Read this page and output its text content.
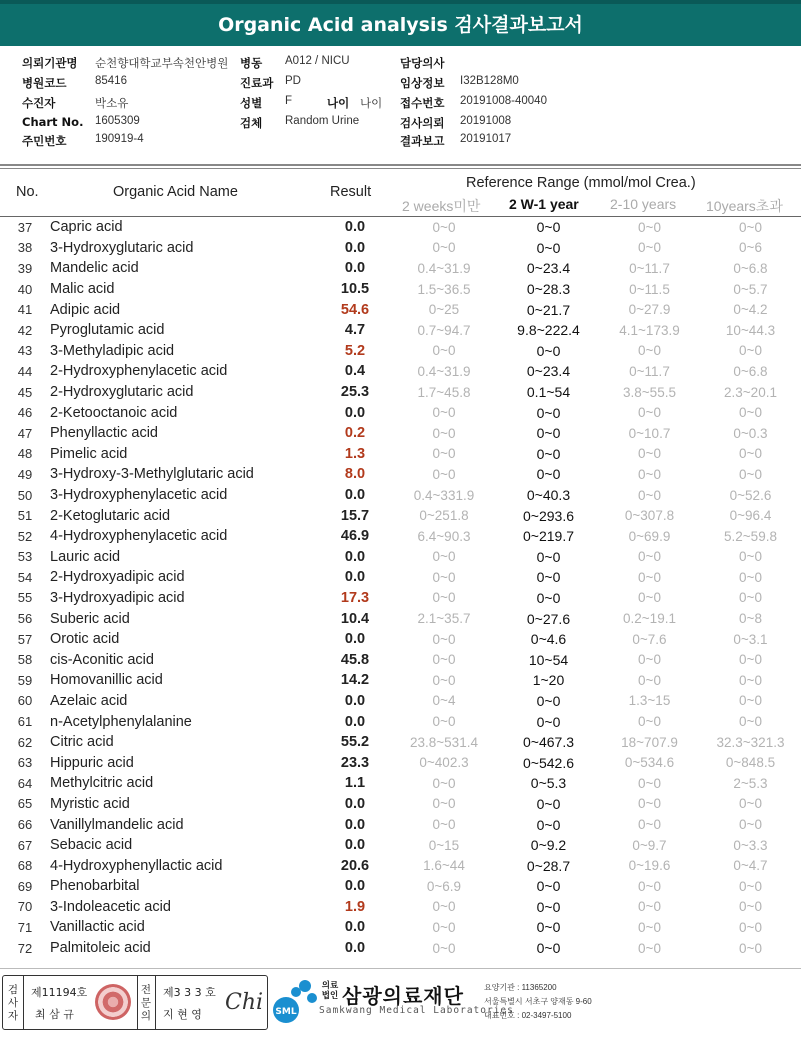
Organic Acid analysis 검사결과보고서
의뢰기관명 순천향대학교부속천안병원 병동 A012 / NICU	담당의사
병원코드 85416	진료과 PD	임상정보 I32B128M0
수진자	박소유	성별 F	나이 나이 접수번호 20191008-40040
Chart No. 1605309	검체 Random Urine	검사의뢰 20191008
주민번호 190919-4	결과보고 20191017
No.	Organic Acid Name	Result
Reference Range (mmol/mol Crea.)
2 weeks미만 2 W-1 year 2-10 years 10years초과
37	Capric acid	0.0	0~0	0~0	0~0	0~0
38	3-Hydroxyglutaric acid	0.0	0~0	0~0	0~0	0~6
39	Mandelic acid	0.0	0.4~31.9	0~23.4	0~11.7	0~6.8
40	Malic acid	10.5	1.5~36.5	0~28.3	0~11.5	0~5.7
41	Adipic acid	54.6	0~25	0~21.7	0~27.9	0~4.2
42	Pyroglutamic acid	4.7	0.7~94.7	9.8~222.4	4.1~173.9	10~44.3
43	3-Methyladipic acid	5.2	0~0	0~0	0~0	0~0
44	2-Hydroxyphenylacetic acid	0.4	0.4~31.9	0~23.4	0~11.7	0~6.8
45	2-Hydroxyglutaric acid	25.3	1.7~45.8	0.1~54	3.8~55.5	2.3~20.1
46	2-Ketooctanoic acid	0.0	0~0	0~0	0~0	0~0
47	Phenyllactic acid	0.2	0~0	0~0	0~10.7	0~0.3
48	Pimelic acid	1.3	0~0	0~0	0~0	0~0
49	3-Hydroxy-3-Methylglutaric acid	8.0	0~0	0~0	0~0	0~0
50	3-Hydroxyphenylacetic acid	0.0	0.4~331.9	0~40.3	0~0	0~52.6
51	2-Ketoglutaric acid	15.7	0~251.8	0~293.6	0~307.8	0~96.4
52	4-Hydroxyphenylacetic acid	46.9	6.4~90.3	0~219.7	0~69.9	5.2~59.8
53	Lauric acid	0.0	0~0	0~0	0~0	0~0
54	2-Hydroxyadipic acid	0.0	0~0	0~0	0~0	0~0
55	3-Hydroxyadipic acid	17.3	0~0	0~0	0~0	0~0
56	Suberic acid	10.4	2.1~35.7	0~27.6	0.2~19.1	0~8
57	Orotic acid	0.0	0~0	0~4.6	0~7.6	0~3.1
58	cis-Aconitic acid	45.8	0~0	10~54	0~0	0~0
59	Homovanillic acid	14.2	0~0	1~20	0~0	0~0
60	Azelaic acid	0.0	0~4	0~0	1.3~15	0~0
61	n-Acetylphenylalanine	0.0	0~0	0~0	0~0	0~0
62	Citric acid	55.2	23.8~531.4	0~467.3	18~707.9	32.3~321.3
63	Hippuric acid	23.3	0~402.3	0~542.6	0~534.6	0~848.5
64	Methylcitric acid	1.1	0~0	0~5.3	0~0	2~5.3
65	Myristic acid	0.0	0~0	0~0	0~0	0~0
66	Vanillylmandelic acid	0.0	0~0	0~0	0~0	0~0
67	Sebacic acid	0.0	0~15	0~9.2	0~9.7	0~3.3
68	4-Hydroxyphenyllactic acid	20.6	1.6~44	0~28.7	0~19.6	0~4.7
69	Phenobarbital	0.0	0~6.9	0~0	0~0	0~0
70	3-Indoleacetic acid	1.9	0~0	0~0	0~0	0~0
71	Vanillactic acid	0.0	0~0	0~0	0~0	0~0
72	Palmitoleic acid	0.0	0~0	0~0	0~0	0~0
검사자
제11194호
최 삼 규
전문의
제3 3 3 호
지 현 영 Chi SML
의료법인 삼광의료재단
Samkwang Medical Laboratories
요양기관 : 11365200
서울특별시 서초구 양재동 9-60
대표번호 : 02-3497-5100
